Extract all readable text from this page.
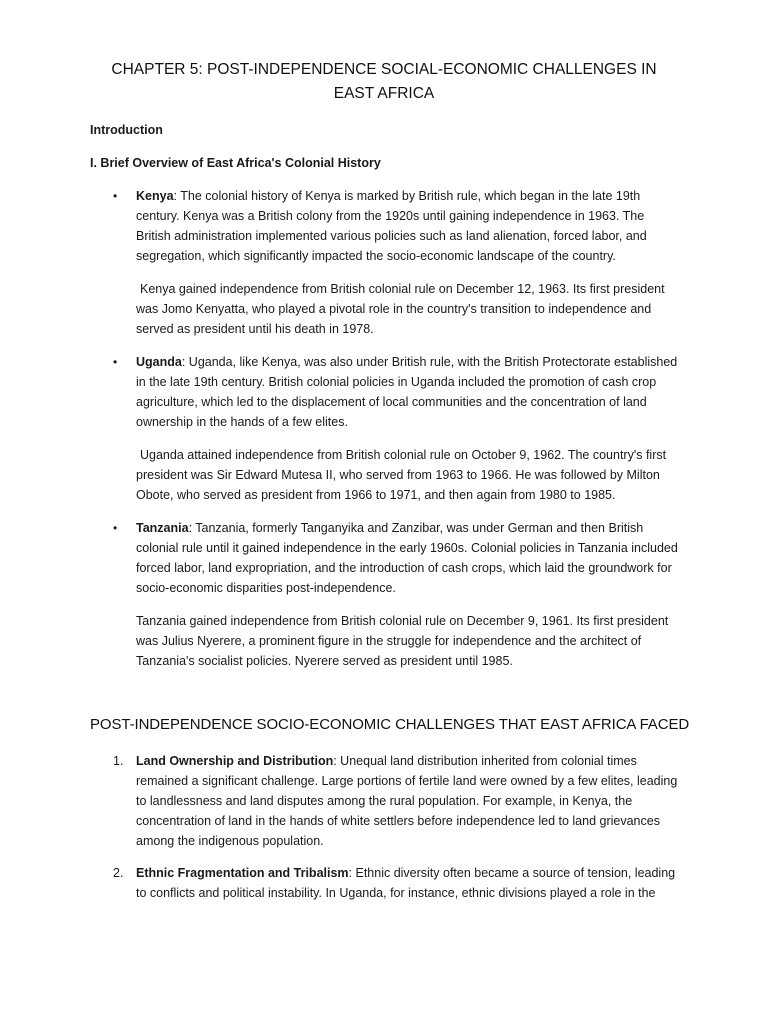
CHAPTER 5: POST-INDEPENDENCE SOCIAL-ECONOMIC CHALLENGES IN EAST AFRICA

Introduction

I. Brief Overview of East Africa's Colonial History

• Kenya: The colonial history of Kenya is marked by British rule, which began in the late 19th century. Kenya was a British colony from the 1920s until gaining independence in 1963. The British administration implemented various policies such as land alienation, forced labor, and segregation, which significantly impacted the socio-economic landscape of the country.

Kenya gained independence from British colonial rule on December 12, 1963. Its first president was Jomo Kenyatta, who played a pivotal role in the country's transition to independence and served as president until his death in 1978.

• Uganda: Uganda, like Kenya, was also under British rule, with the British Protectorate established in the late 19th century. British colonial policies in Uganda included the promotion of cash crop agriculture, which led to the displacement of local communities and the concentration of land ownership in the hands of a few elites.

Uganda attained independence from British colonial rule on October 9, 1962. The country's first president was Sir Edward Mutesa II, who served from 1963 to 1966. He was followed by Milton Obote, who served as president from 1966 to 1971, and then again from 1980 to 1985.

• Tanzania: Tanzania, formerly Tanganyika and Zanzibar, was under German and then British colonial rule until it gained independence in the early 1960s. Colonial policies in Tanzania included forced labor, land expropriation, and the introduction of cash crops, which laid the groundwork for socio-economic disparities post-independence.

Tanzania gained independence from British colonial rule on December 9, 1961. Its first president was Julius Nyerere, a prominent figure in the struggle for independence and the architect of Tanzania's socialist policies. Nyerere served as president until 1985.

POST-INDEPENDENCE SOCIO-ECONOMIC CHALLENGES THAT EAST AFRICA FACED
1. Land Ownership and Distribution: Unequal land distribution inherited from colonial times remained a significant challenge. Large portions of fertile land were owned by a few elites, leading to landlessness and land disputes among the rural population. For example, in Kenya, the concentration of land in the hands of white settlers before independence led to land grievances among the indigenous population.

2. Ethnic Fragmentation and Tribalism: Ethnic diversity often became a source of tension, leading to conflicts and political instability. In Uganda, for instance, ethnic divisions played a role in the
